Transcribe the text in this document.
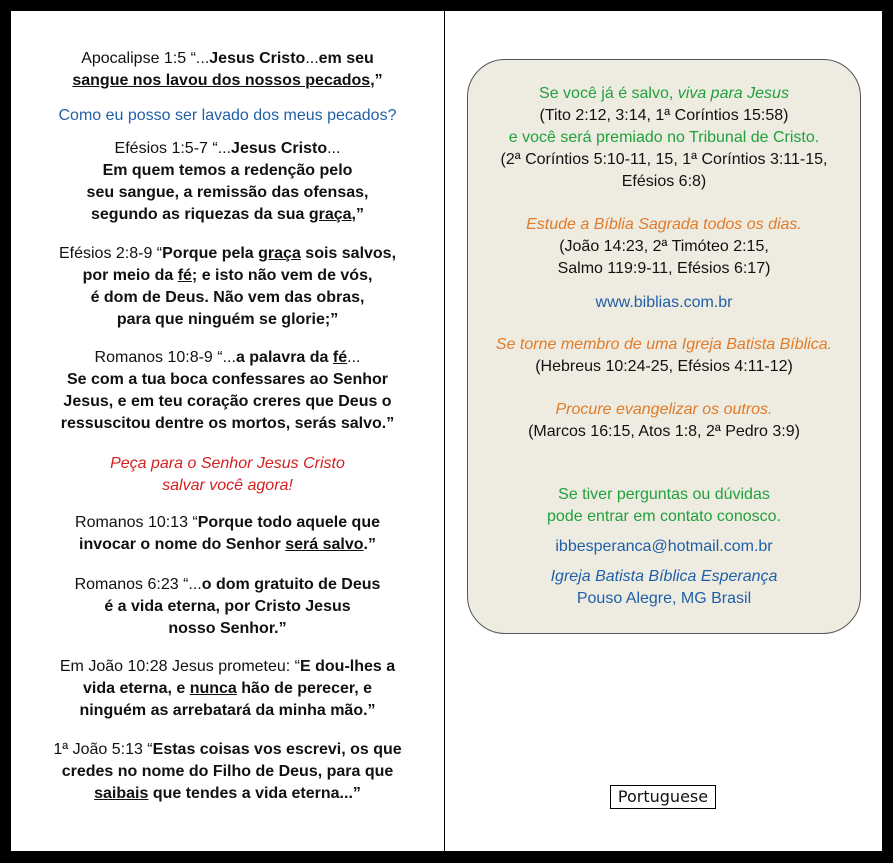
Apocalipse 1:5 “...Jesus Cristo...em seu
sangue nos lavou dos nossos pecados,”
Como eu posso ser lavado dos meus pecados?
Efésios 1:5-7 “...Jesus Cristo...
Em quem temos a redenção pelo
seu sangue, a remissão das ofensas,
segundo as riquezas da sua graça,”
Efésios 2:8-9 “Porque pela graça sois salvos,
por meio da fé; e isto não vem de vós,
é dom de Deus. Não vem das obras,
para que ninguém se glorie;”
Romanos 10:8-9 “...a palavra da fé...
Se com a tua boca confessares ao Senhor
Jesus, e em teu coração creres que Deus o
ressuscitou dentre os mortos, serás salvo.”
Peça para o Senhor Jesus Cristo
salvar você agora!
Romanos 10:13 “Porque todo aquele que
invocar o nome do Senhor será salvo.”
Romanos 6:23 “...o dom gratuito de Deus
é a vida eterna, por Cristo Jesus
nosso Senhor.”
Em João 10:28 Jesus prometeu: “E dou-lhes a
vida eterna, e nunca hão de perecer, e
ninguém as arrebatará da minha mão.”
1ª João 5:13 “Estas coisas vos escrevi, os que
credes no nome do Filho de Deus, para que
saibais que tendes a vida eterna...”
Se você já é salvo, viva para Jesus
(Tito 2:12, 3:14, 1ª Coríntios 15:58)
e você será premiado no Tribunal de Cristo.
(2ª Coríntios 5:10-11, 15, 1ª Coríntios 3:11-15,
Efésios 6:8)
Estude a Bíblia Sagrada todos os dias.
(João 14:23, 2ª Timóteo 2:15,
Salmo 119:9-11, Efésios 6:17)
www.biblias.com.br
Se torne membro de uma Igreja Batista Bíblica.
(Hebreus 10:24-25, Efésios 4:11-12)
Procure evangelizar os outros.
(Marcos 16:15, Atos 1:8, 2ª Pedro 3:9)
Se tiver perguntas ou dúvidas
pode entrar em contato conosco.
ibbesperanca@hotmail.com.br
Igreja Batista Bíblica Esperança
Pouso Alegre, MG Brasil
Portuguese
